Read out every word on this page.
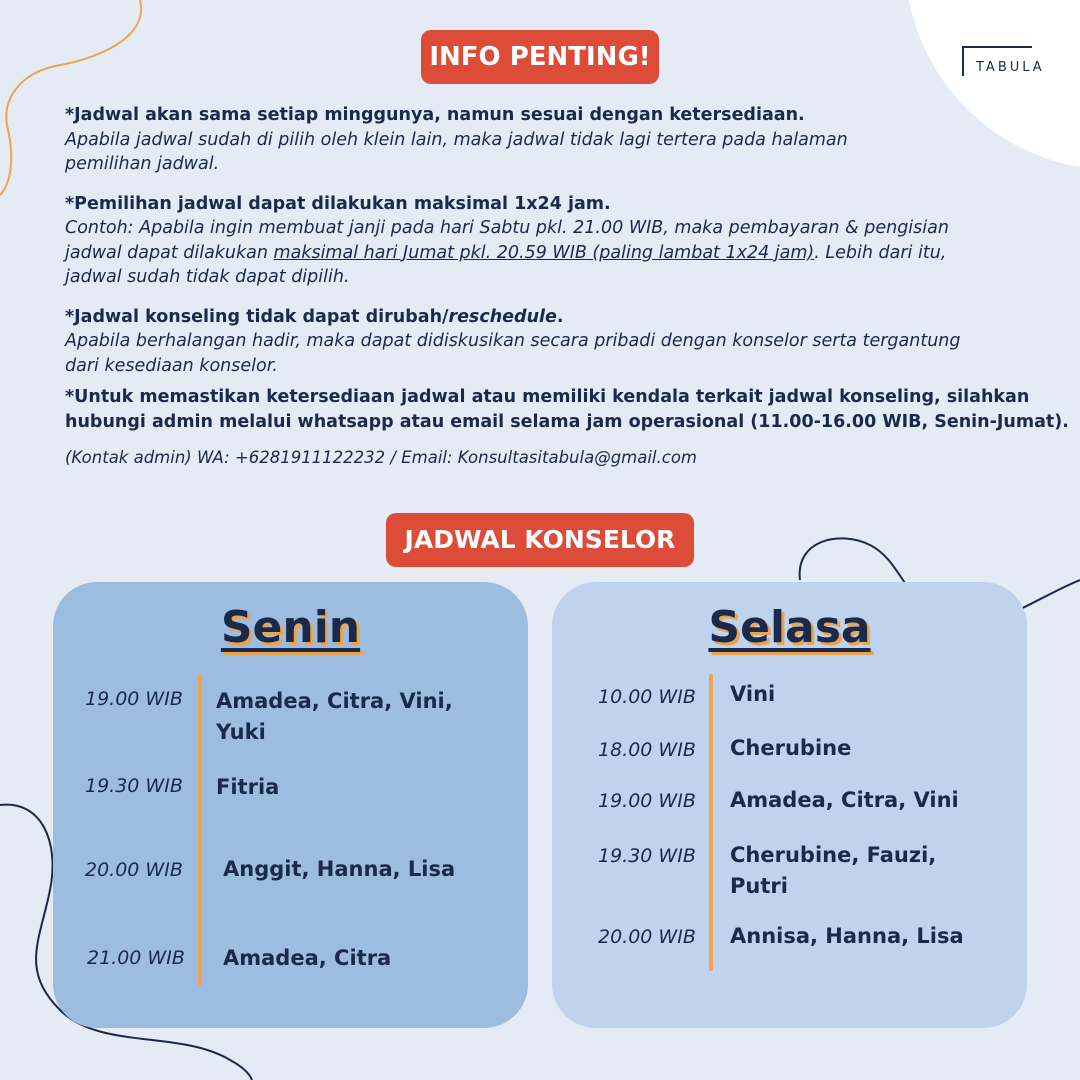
TABULA
INFO PENTING!

*Jadwal akan sama setiap minggunya, namun sesuai dengan ketersediaan.

Apabila jadwal sudah di pilih oleh klein lain, maka jadwal tidak lagi tertera pada halaman

pemilihan jadwal.

*Pemilihan jadwal dapat dilakukan maksimal 1x24 jam.

Contoh: Apabila ingin membuat janji pada hari Sabtu pkl. 21.00 WIB, maka pembayaran & pengisian

jadwal dapat dilakukan maksimal hari Jumat pkl. 20.59 WIB (paling lambat 1x24 jam). Lebih dari itu,

jadwal sudah tidak dapat dipilih.

*Jadwal konseling tidak dapat dirubah/reschedule.

Apabila berhalangan hadir, maka dapat didiskusikan secara pribadi dengan konselor serta tergantung

dari kesediaan konselor.

*Untuk memastikan ketersediaan jadwal atau memiliki kendala terkait jadwal konseling, silahkan

hubungi admin melalui whatsapp atau email selama jam operasional (11.00-16.00 WIB, Senin-Jumat).

(Kontak admin) WA: +6281911122232 / Email: Konsultasitabula@gmail.com

JADWAL KONSELOR
Senin
19.00 WIB Amadea, Citra, Vini, Yuki
19.30 WIB Fitria
20.00 WIB Anggit, Hanna, Lisa
21.00 WIB Amadea, Citra
Selasa
10.00 WIB Vini
18.00 WIB Cherubine
19.00 WIB Amadea, Citra, Vini
19.30 WIB Cherubine, Fauzi, Putri
20.00 WIB Annisa, Hanna, Lisa
